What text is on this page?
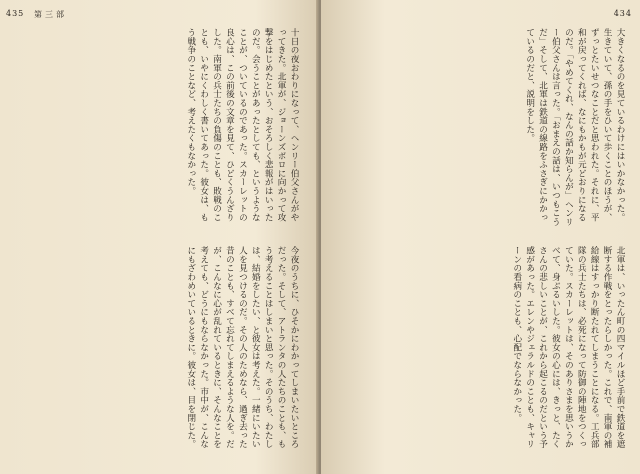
435 第三部
十日の夜おわりになって、ヘンリー伯父さんがやってきた。北軍が、ジョーンズボロに向かって攻撃をはじめたという、おそろしく悲報がはいったのだ。会うことがあったとしても、というようなことが、ついているのであった。スカーレットの良心は、この前後の文章を見て、ひどくうんざりした。南軍の兵士たちの負傷のことも、敗戦のことも、いやにくわしく書いてあった。彼女は、もう戦争のことなど、考えたくもなかった。
今夜のうちに、ひそかにわかってしまいたいところだった。そして、アトランタの人たちのことも、もう考えることはしまいと思った。そのうち、わたしは、結婚をしたい、と彼女は考えた。一緒にいたい人を見つけるのだ。その人のためなら、過ぎ去った昔のことも、すべて忘れてしまえるような人を。だが、こんなに心が乱れているときに、そんなことを考えても、どうにもならなかった。市中が、こんなにもざわめいているときに。彼女は、目を閉じた。
434
大きくなるのを見ているわけにはいかなかった。生きていて、孫の手をひいて歩くことのほうが、ずっとたいせつなことだと思われた。それに、平和が戻ってくれば、なにもかもが元どおりになるのだ。「やめてくれ、なんの話か知らんが」ヘンリー伯父さんは言った。「おまえの話は、いつもこうだ」そして、北軍は鉄道の線路をふさぎにかかっているのだと、説明をした。
北軍は、いったん町の四マイルほど手前で鉄道を遮断する作戦をとったらしかった。これで、南軍の補給線はすっかり断たれてしまうことになる。工兵部隊の兵士たちは、必死になって防御の陣地をつくっていた。スカーレットは、そのありさまを思いうかべて、身ぶるいした。彼女の心には、きっと、たくさんの悲しいことが、これから起こるのだという予感があった。エレンやジェラルドのことも、キャリーンの看病のことも、心配でならなかった。
